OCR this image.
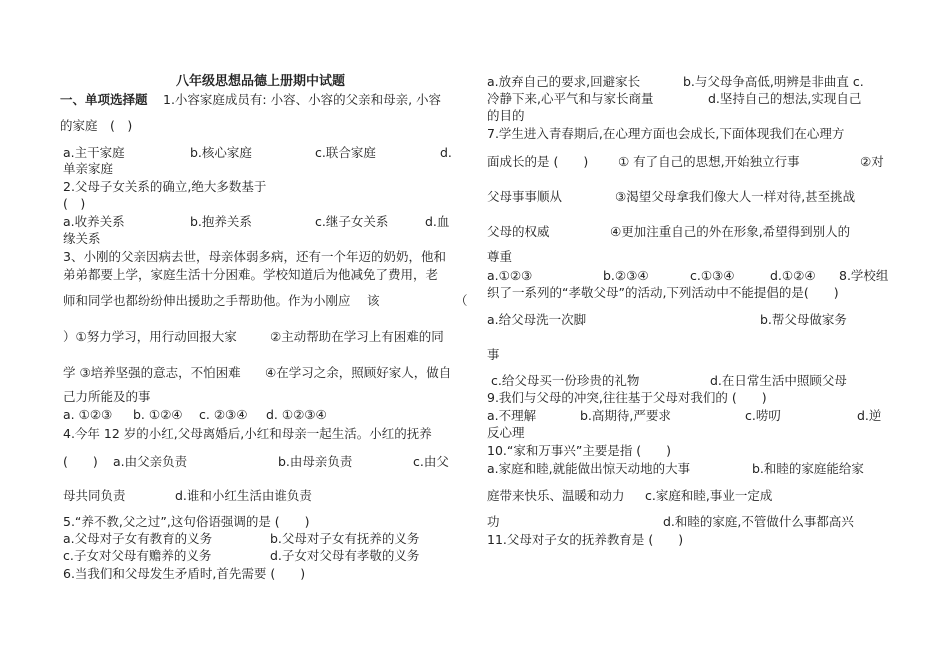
八年级思想品德上册期中试题
一、单项选择题 1.小容家庭成员有: 小容、小容的父亲和母亲, 小容
的家庭　(　)
a.主干家庭	b.核心家庭	c.联合家庭	d.
单亲家庭
2.父母子女关系的确立,绝大多数基于
(　)
a.收养关系	b.抱养关系	c.继子女关系	d.血
缘关系
3、小刚的父亲因病去世，母亲体弱多病，还有一个年迈的奶奶，他和
弟弟都要上学，家庭生活十分困难。学校知道后为他减免了费用，老
师和同学也都纷纷伸出援助之手帮助他。作为小刚应　 该	（
）①努力学习，用行动回报大家	②主动帮助在学习上有困难的同
学 ③培养坚强的意志，不怕困难 ④在学习之余，照顾好家人，做自
己力所能及的事
a. ①②③ b. ①②④ c. ②③④ d. ①②③④
4.今年 12 岁的小红,父母离婚后,小红和母亲一起生活。小红的抚养
(　　) a.由父亲负责	b.由母亲负责	c.由父
母共同负责	d.谁和小红生活由谁负责
5.“养不教,父之过”,这句俗语强调的是 (　　)
a.父母对子女有教育的义务	b.父母对子女有抚养的义务
c.子女对父母有赡养的义务	d.子女对父母有孝敬的义务
6.当我们和父母发生矛盾时,首先需要 (　　)
a.放弃自己的要求,回避家长	b.与父母争高低,明辨是非曲直 c.
冷静下来,心平气和与家长商量	d.坚持自己的想法,实现自己
的目的
7.学生进入青春期后,在心理方面也会成长,下面体现我们在心理方
面成长的是 (　　) ① 有了自己的思想,开始独立行事	②对
父母事事顺从	③渴望父母拿我们像大人一样对待,甚至挑战
父母的权威	④更加注重自己的外在形象,希望得到别人的
尊重
a.①②③	b.②③④	c.①③④	d.①②④ 8.学校组
织了一系列的“孝敬父母”的活动,下列活动中不能提倡的是(　　)
a.给父母洗一次脚	b.帮父母做家务
事
c.给父母买一份珍贵的礼物	d.在日常生活中照顾父母
9.我们与父母的冲突,往往基于父母对我们的 (　　)
a.不理解	b.高期待,严要求	c.唠叨	d.逆
反心理
10.“家和万事兴”主要是指 (　　)
a.家庭和睦,就能做出惊天动地的大事	b.和睦的家庭能给家
庭带来快乐、温暖和动力 c.家庭和睦,事业一定成
功	d.和睦的家庭,不管做什么事都高兴
11.父母对子女的抚养教育是 (　　)
